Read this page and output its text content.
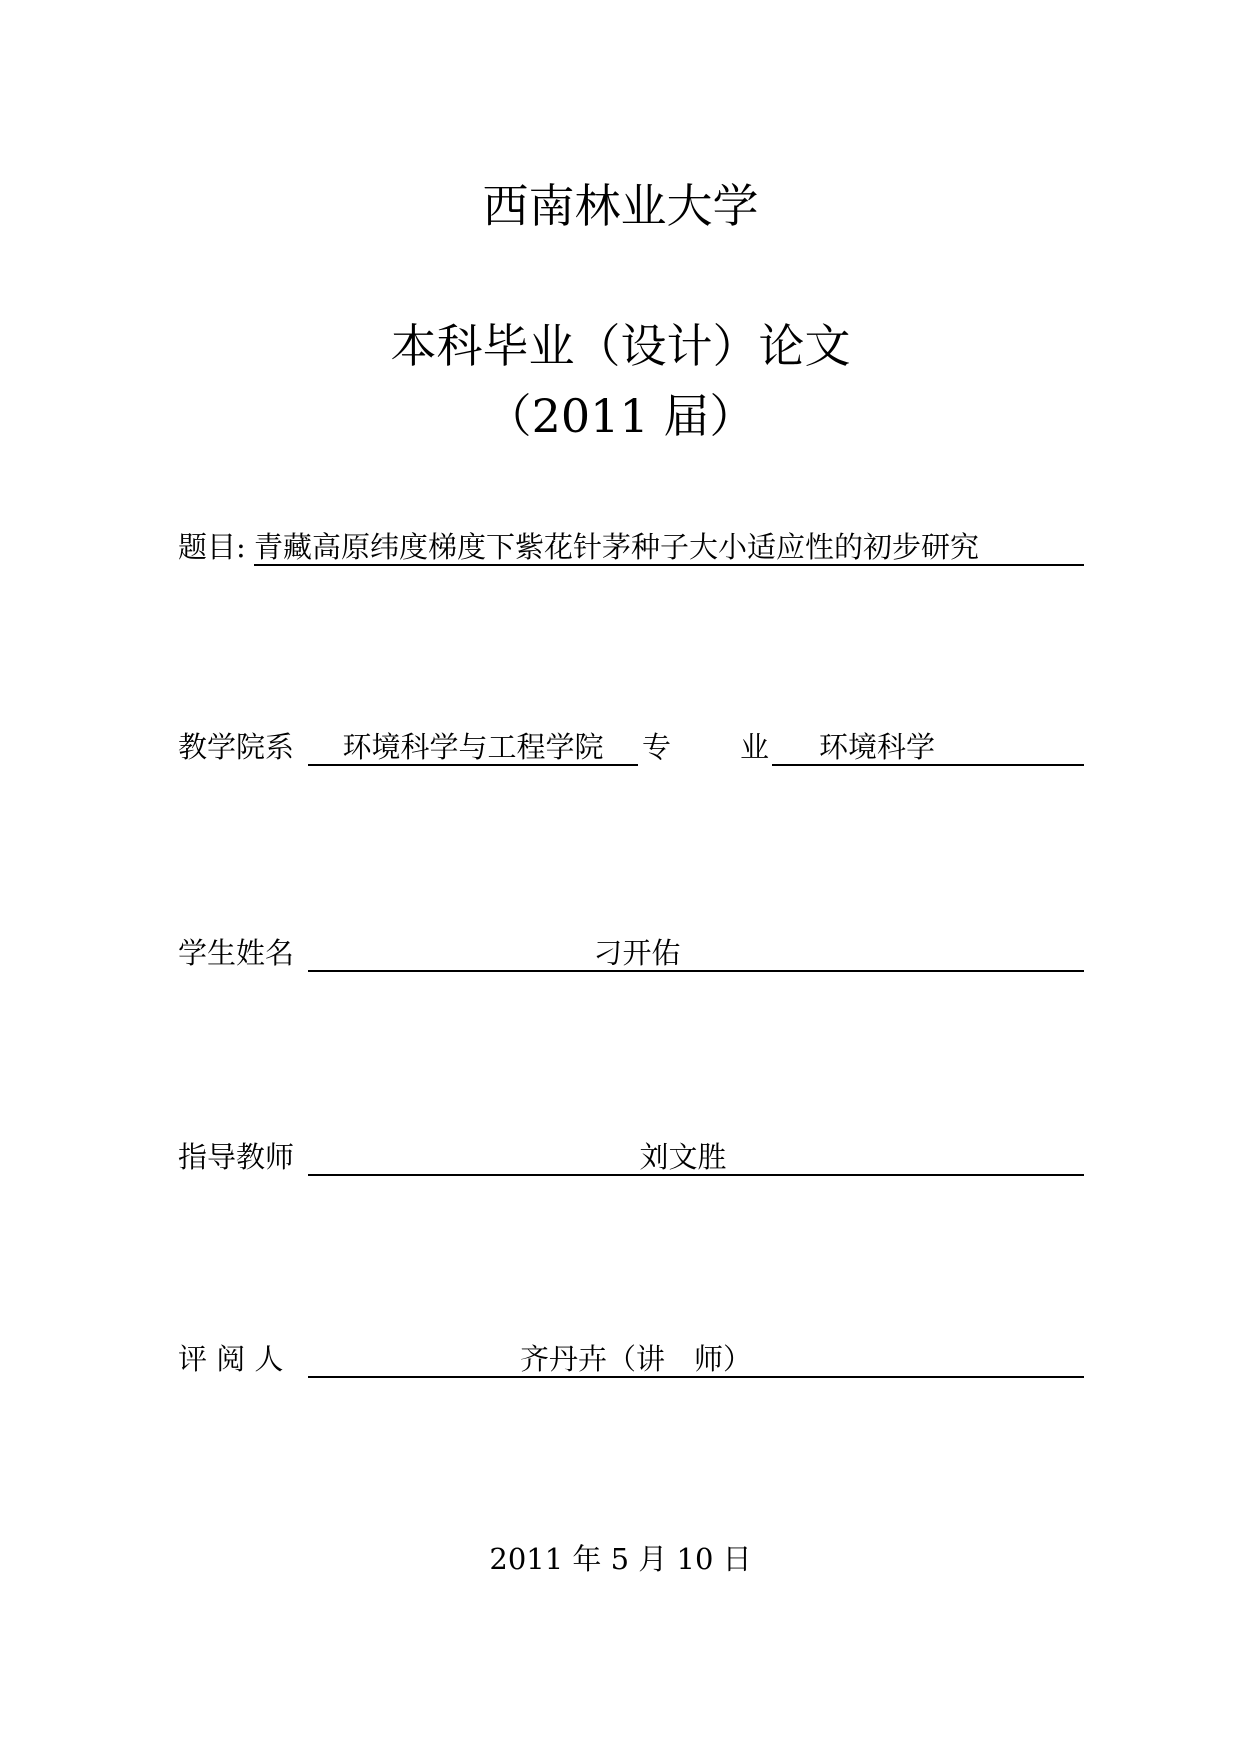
西南林业大学
本科毕业（设计）论文
（2011 届）
题目: 青藏高原纬度梯度下紫花针茅种子大小适应性的初步研究
教学院系	环境科学与工程学院	专 业	环境科学
学生姓名	刁开佑
指导教师	刘文胜
评 阅 人	齐丹卉（讲　师）
2011 年 5 月 10 日
